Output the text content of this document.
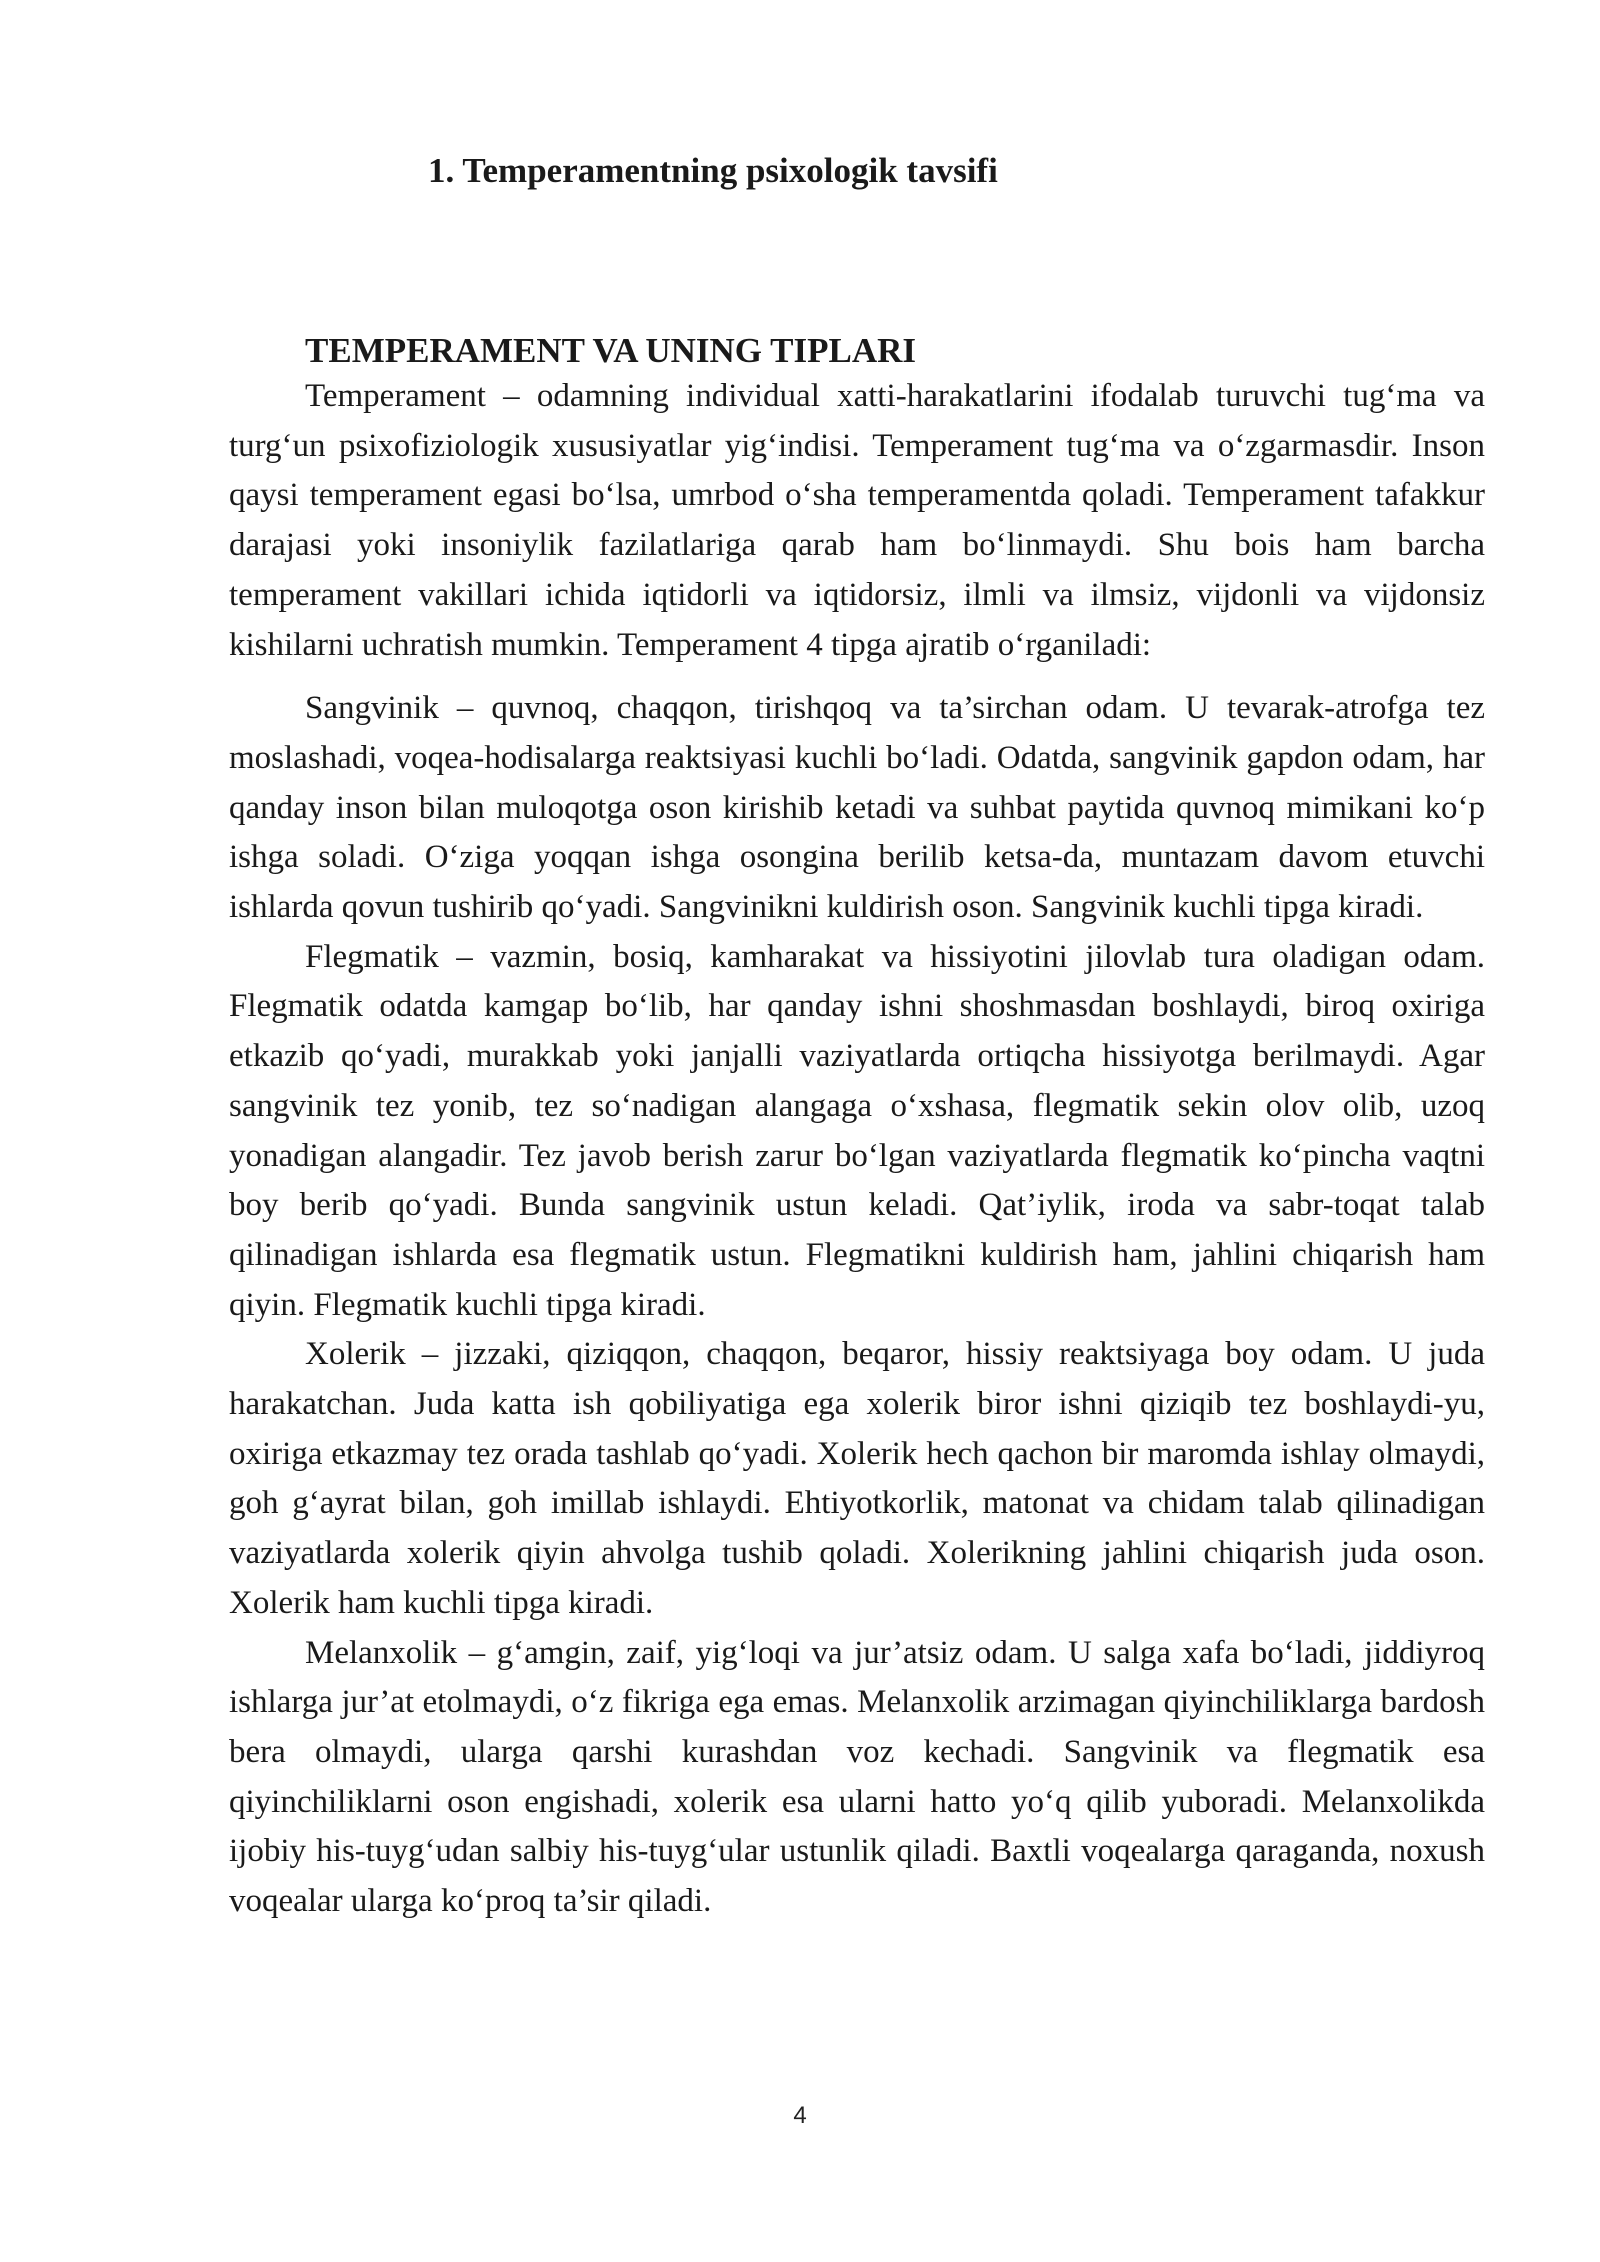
1. Temperamentning psixologik tavsifi
TEMPERAMENT VA UNING TIPLARI

Temperament – odamning individual xatti-harakatlarini ifodalab turuvchi tug‘ma va turg‘un psixofiziologik xususiyatlar yig‘indisi. Temperament tug‘ma va o‘zgarmasdir. Inson qaysi temperament egasi bo‘lsa, umrbod o‘sha temperamentda qoladi. Temperament tafakkur darajasi yoki insoniylik fazilatlariga qarab ham bo‘linmaydi. Shu bois ham barcha temperament vakillari ichida iqtidorli va iqtidorsiz, ilmli va ilmsiz, vijdonli va vijdonsiz kishilarni uchratish mumkin. Temperament 4 tipga ajratib o‘rganiladi:

Sangvinik – quvnoq, chaqqon, tirishqoq va ta’sirchan odam. U tevarak-atrofga tez moslashadi, voqea-hodisalarga reaktsiyasi kuchli bo‘ladi. Odatda, sangvinik gapdon odam, har qanday inson bilan muloqotga oson kirishib ketadi va suhbat paytida quvnoq mimikani ko‘p ishga soladi. O‘ziga yoqqan ishga osongina berilib ketsa-da, muntazam davom etuvchi ishlarda qovun tushirib qo‘yadi. Sangvinikni kuldirish oson. Sangvinik kuchli tipga kiradi.

Flegmatik – vazmin, bosiq, kamharakat va hissiyotini jilovlab tura oladigan odam. Flegmatik odatda kamgap bo‘lib, har qanday ishni shoshmasdan boshlaydi, biroq oxiriga etkazib qo‘yadi, murakkab yoki janjalli vaziyatlarda ortiqcha hissiyotga berilmaydi. Agar sangvinik tez yonib, tez so‘nadigan alangaga o‘xshasa, flegmatik sekin olov olib, uzoq yonadigan alangadir. Tez javob berish zarur bo‘lgan vaziyatlarda flegmatik ko‘pincha vaqtni boy berib qo‘yadi. Bunda sangvinik ustun keladi. Qat’iylik, iroda va sabr-toqat talab qilinadigan ishlarda esa flegmatik ustun. Flegmatikni kuldirish ham, jahlini chiqarish ham qiyin. Flegmatik kuchli tipga kiradi.

Xolerik – jizzaki, qiziqqon, chaqqon, beqaror, hissiy reaktsiyaga boy odam. U juda harakatchan. Juda katta ish qobiliyatiga ega xolerik biror ishni qiziqib tez boshlaydi-yu, oxiriga etkazmay tez orada tashlab qo‘yadi. Xolerik hech qachon bir maromda ishlay olmaydi, goh g‘ayrat bilan, goh imillab ishlaydi. Ehtiyotkorlik, matonat va chidam talab qilinadigan vaziyatlarda xolerik qiyin ahvolga tushib qoladi. Xolerikning jahlini chiqarish juda oson. Xolerik ham kuchli tipga kiradi.

Melanxolik – g‘amgin, zaif, yig‘loqi va jur’atsiz odam. U salga xafa bo‘ladi, jiddiyroq ishlarga jur’at etolmaydi, o‘z fikriga ega emas. Melanxolik arzimagan qiyinchiliklarga bardosh bera olmaydi, ularga qarshi kurashdan voz kechadi. Sangvinik va flegmatik esa qiyinchiliklarni oson engishadi, xolerik esa ularni hatto yo‘q qilib yuboradi. Melanxolikda ijobiy his-tuyg‘udan salbiy his-tuyg‘ular ustunlik qiladi. Baxtli voqealarga qaraganda, noxush voqealar ularga ko‘proq ta’sir qiladi.

4
